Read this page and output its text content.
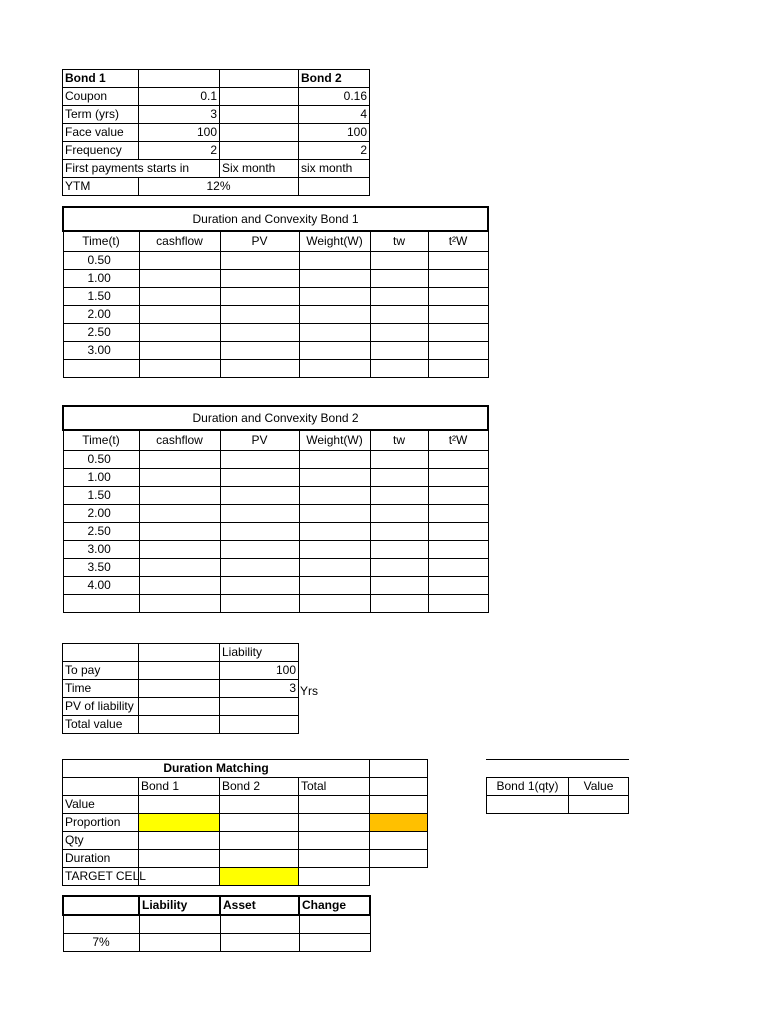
Bond 1			Bond 2
Coupon	0.1		0.16
Term (yrs)	3		4
Face value	100		100
Frequency	2		2
First payments starts in		Six month	six month
YTM	12%		
Duration and Convexity Bond 1					
Time(t)	cashflow	PV	Weight(W)	tw	t²W
0.50					
1.00					
1.50					
2.00					
2.50					
3.00					

Duration and Convexity Bond 2					
Time(t)	cashflow	PV	Weight(W)	tw	t²W
0.50					
1.00					
1.50					
2.00					
2.50					
3.00					
3.50					
4.00					

		Liability
To pay		100
Time		3
PV of liability		
Total value		
Yrs
Duration Matching				
	Bond 1	Bond 2	Total	
Value				
Proportion				
Qty				
Duration				
TARGET CELL				
	Liability	Asset	Change

7%			

Bond 1(qty)	Value
